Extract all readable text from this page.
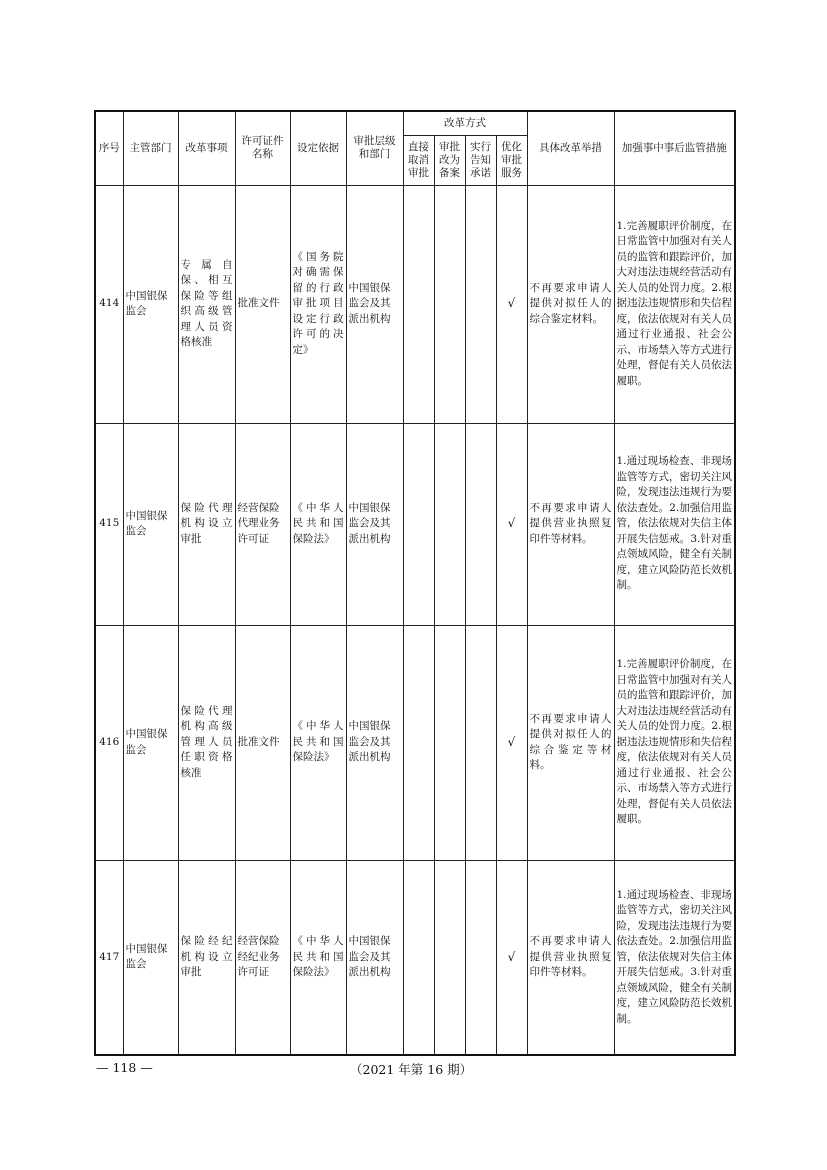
序号	主管部门	改革事项	许可证件名称	设定依据	审批层级和部门	改革方式				具体改革举措	加强事中事后监管措施
						直接取消审批	审批改为备案	实行告知承诺	优化审批服务		
414	中国银保监会	专属自保、相互保险等组织高级管理人员资格核准	批准文件	《国务院对确需保留的行政审批项目设定行政许可的决定》	中国银保监会及其派出机构				√	不再要求申请人提供对拟任人的综合鉴定材料。	1.完善履职评价制度，在日常监管中加强对有关人员的监管和跟踪评价，加大对违法违规经营活动有关人员的处罚力度。2.根据违法违规情形和失信程度，依法依规对有关人员通过行业通报、社会公示、市场禁入等方式进行处理，督促有关人员依法履职。
415	中国银保监会	保险代理机构设立审批	经营保险代理业务许可证	《中华人民共和国保险法》	中国银保监会及其派出机构				√	不再要求申请人提供营业执照复印件等材料。	1.通过现场检查、非现场监管等方式，密切关注风险，发现违法违规行为要依法查处。2.加强信用监管，依法依规对失信主体开展失信惩戒。3.针对重点领域风险，健全有关制度，建立风险防范长效机制。
416	中国银保监会	保险代理机构高级管理人员任职资格核准	批准文件	《中华人民共和国保险法》	中国银保监会及其派出机构				√	不再要求申请人提供对拟任人的综合鉴定等材料。	1.完善履职评价制度，在日常监管中加强对有关人员的监管和跟踪评价，加大对违法违规经营活动有关人员的处罚力度。2.根据违法违规情形和失信程度，依法依规对有关人员通过行业通报、社会公示、市场禁入等方式进行处理，督促有关人员依法履职。
417	中国银保监会	保险经纪机构设立审批	经营保险经纪业务许可证	《中华人民共和国保险法》	中国银保监会及其派出机构				√	不再要求申请人提供营业执照复印件等材料。	1.通过现场检查、非现场监管等方式，密切关注风险，发现违法违规行为要依法查处。2.加强信用监管，依法依规对失信主体开展失信惩戒。3.针对重点领域风险，健全有关制度，建立风险防范长效机制。
— 118 —	（2021 年第 16 期）
